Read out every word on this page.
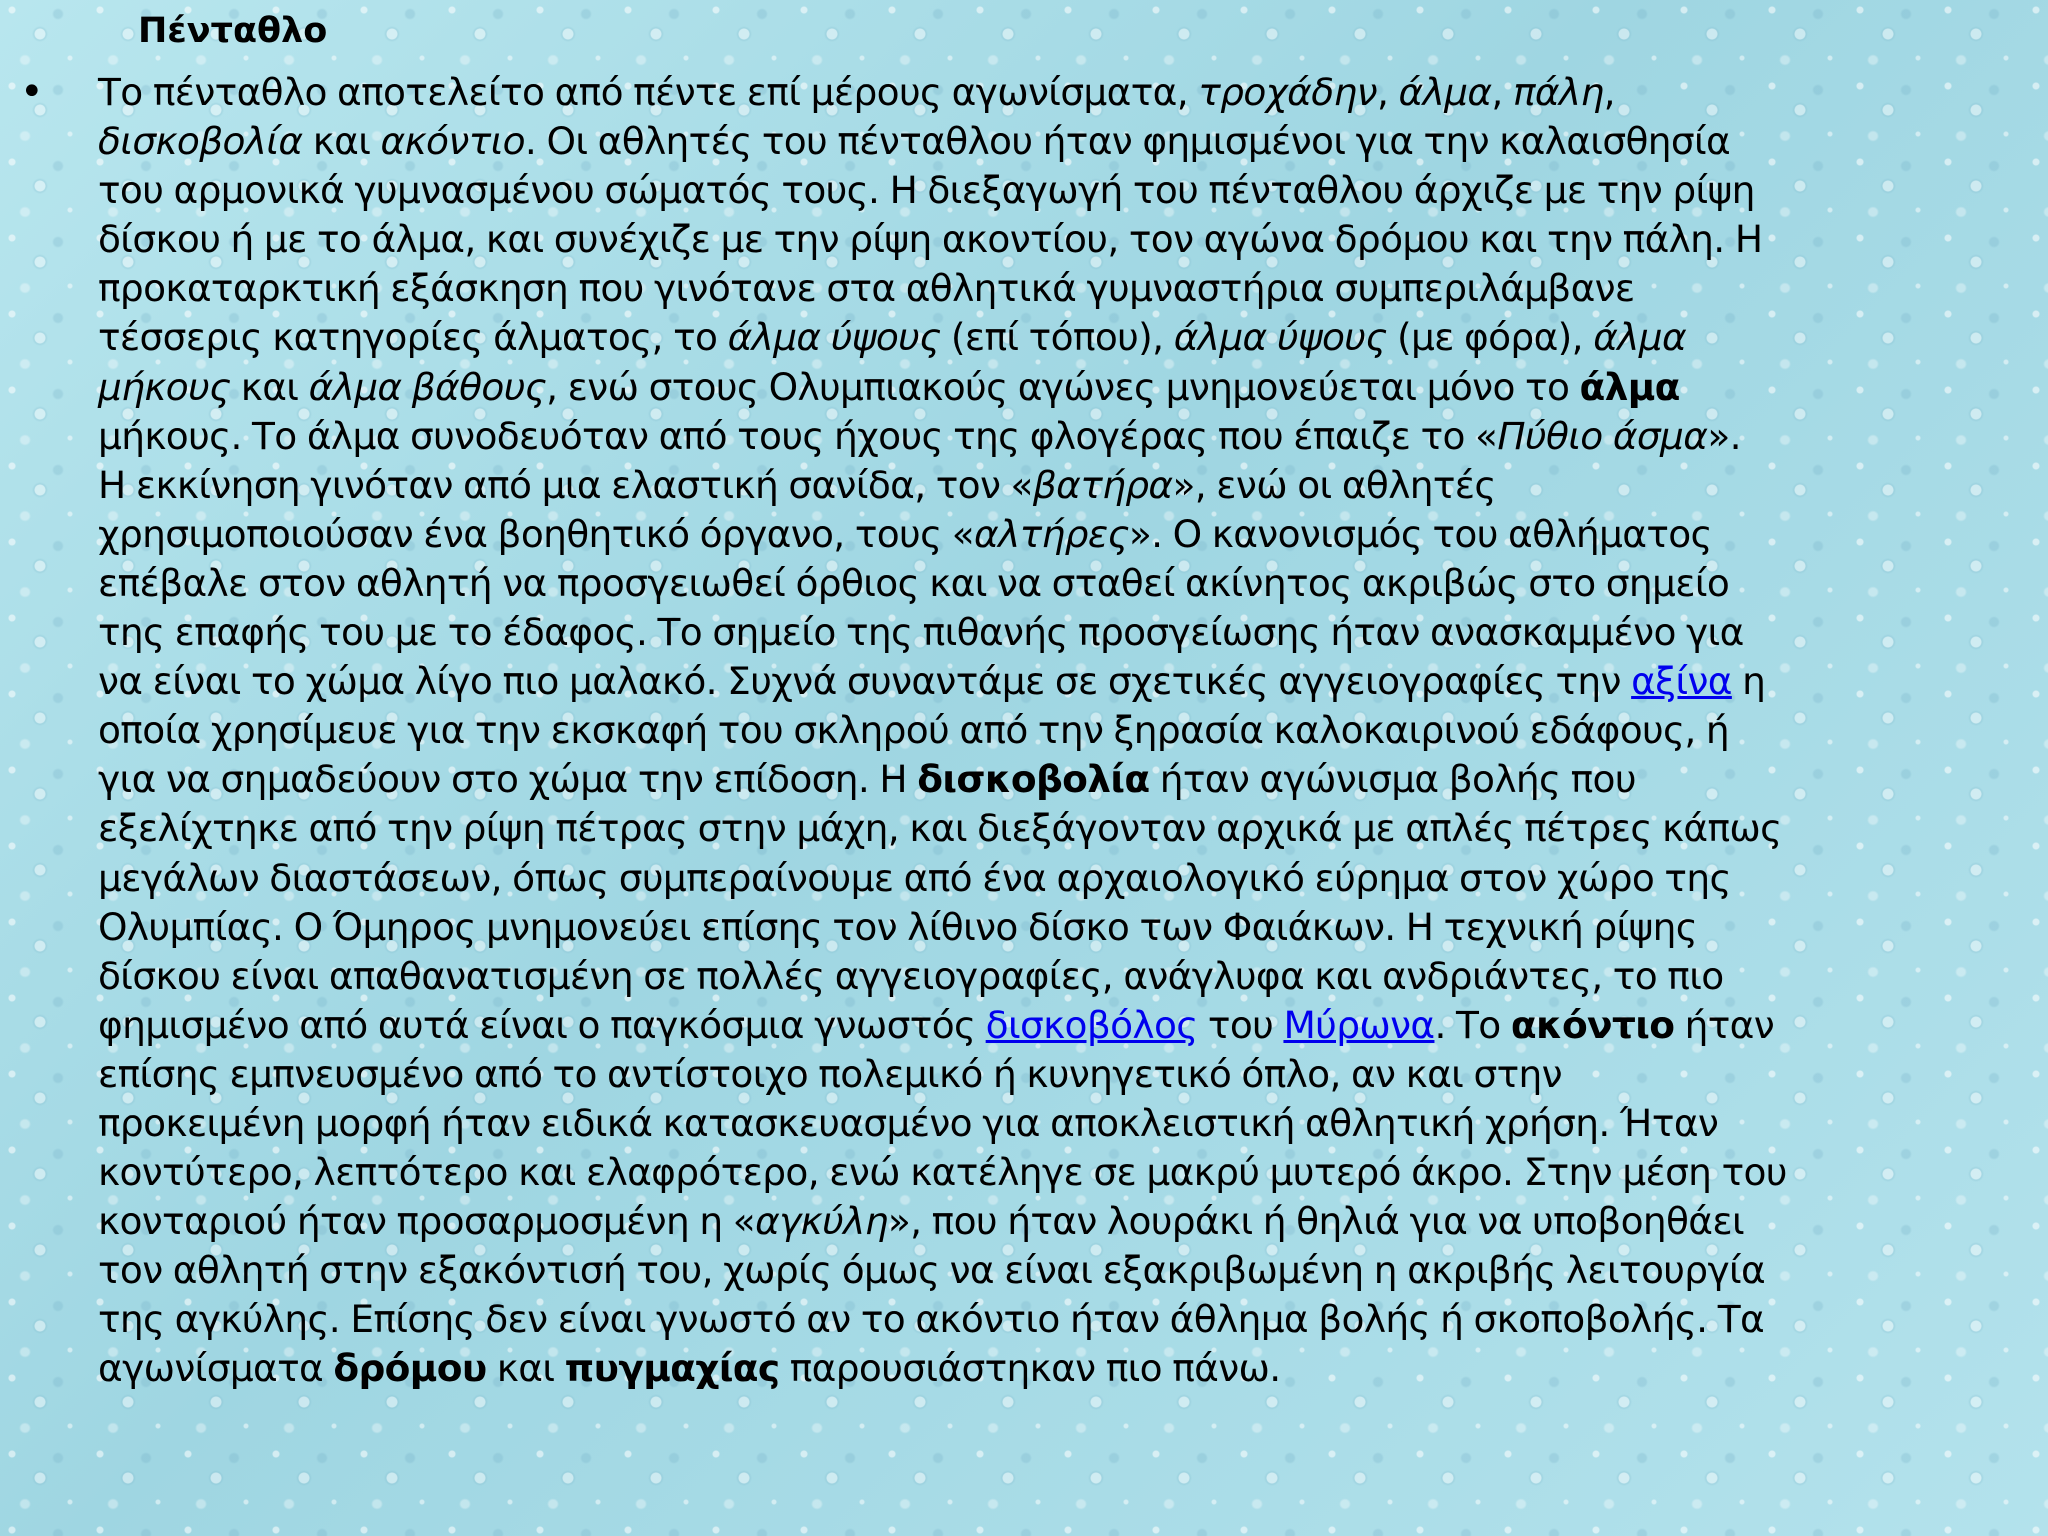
Πένταθλο
• Το πένταθλο αποτελείτο από πέντε επί μέρους αγωνίσματα, τροχάδην, άλμα, πάλη,
δισκοβολία και ακόντιο. Οι αθλητές του πένταθλου ήταν φημισμένοι για την καλαισθησία
του αρμονικά γυμνασμένου σώματός τους. Η διεξαγωγή του πένταθλου άρχιζε με την ρίψη
δίσκου ή με το άλμα, και συνέχιζε με την ρίψη ακοντίου, τον αγώνα δρόμου και την πάλη. Η
προκαταρκτική εξάσκηση που γινότανε στα αθλητικά γυμναστήρια συμπεριλάμβανε
τέσσερις κατηγορίες άλματος, το άλμα ύψους (επί τόπου), άλμα ύψους (με φόρα), άλμα
μήκους και άλμα βάθους, ενώ στους Ολυμπιακούς αγώνες μνημονεύεται μόνο το άλμα
μήκους. Το άλμα συνοδευόταν από τους ήχους της φλογέρας που έπαιζε το «Πύθιο άσμα».
Η εκκίνηση γινόταν από μια ελαστική σανίδα, τον «βατήρα», ενώ οι αθλητές
χρησιμοποιούσαν ένα βοηθητικό όργανο, τους «αλτήρες». Ο κανονισμός του αθλήματος
επέβαλε στον αθλητή να προσγειωθεί όρθιος και να σταθεί ακίνητος ακριβώς στο σημείο
της επαφής του με το έδαφος. Το σημείο της πιθανής προσγείωσης ήταν ανασκαμμένο για
να είναι το χώμα λίγο πιο μαλακό. Συχνά συναντάμε σε σχετικές αγγειογραφίες την αξίνα η
οποία χρησίμευε για την εκσκαφή του σκληρού από την ξηρασία καλοκαιρινού εδάφους, ή
για να σημαδεύουν στο χώμα την επίδοση. Η δισκοβολία ήταν αγώνισμα βολής που
εξελίχτηκε από την ρίψη πέτρας στην μάχη, και διεξάγονταν αρχικά με απλές πέτρες κάπως
μεγάλων διαστάσεων, όπως συμπεραίνουμε από ένα αρχαιολογικό εύρημα στον χώρο της
Ολυμπίας. Ο Όμηρος μνημονεύει επίσης τον λίθινο δίσκο των Φαιάκων. Η τεχνική ρίψης
δίσκου είναι απαθανατισμένη σε πολλές αγγειογραφίες, ανάγλυφα και ανδριάντες, το πιο
φημισμένο από αυτά είναι ο παγκόσμια γνωστός δισκοβόλος του Μύρωνα. Το ακόντιο ήταν
επίσης εμπνευσμένο από το αντίστοιχο πολεμικό ή κυνηγετικό όπλο, αν και στην
προκειμένη μορφή ήταν ειδικά κατασκευασμένο για αποκλειστική αθλητική χρήση. Ήταν
κοντύτερο, λεπτότερο και ελαφρότερο, ενώ κατέληγε σε μακρύ μυτερό άκρο. Στην μέση του
κονταριού ήταν προσαρμοσμένη η «αγκύλη», που ήταν λουράκι ή θηλιά για να υποβοηθάει
τον αθλητή στην εξακόντισή του, χωρίς όμως να είναι εξακριβωμένη η ακριβής λειτουργία
της αγκύλης. Επίσης δεν είναι γνωστό αν το ακόντιο ήταν άθλημα βολής ή σκοποβολής. Τα
αγωνίσματα δρόμου και πυγμαχίας παρουσιάστηκαν πιο πάνω.
